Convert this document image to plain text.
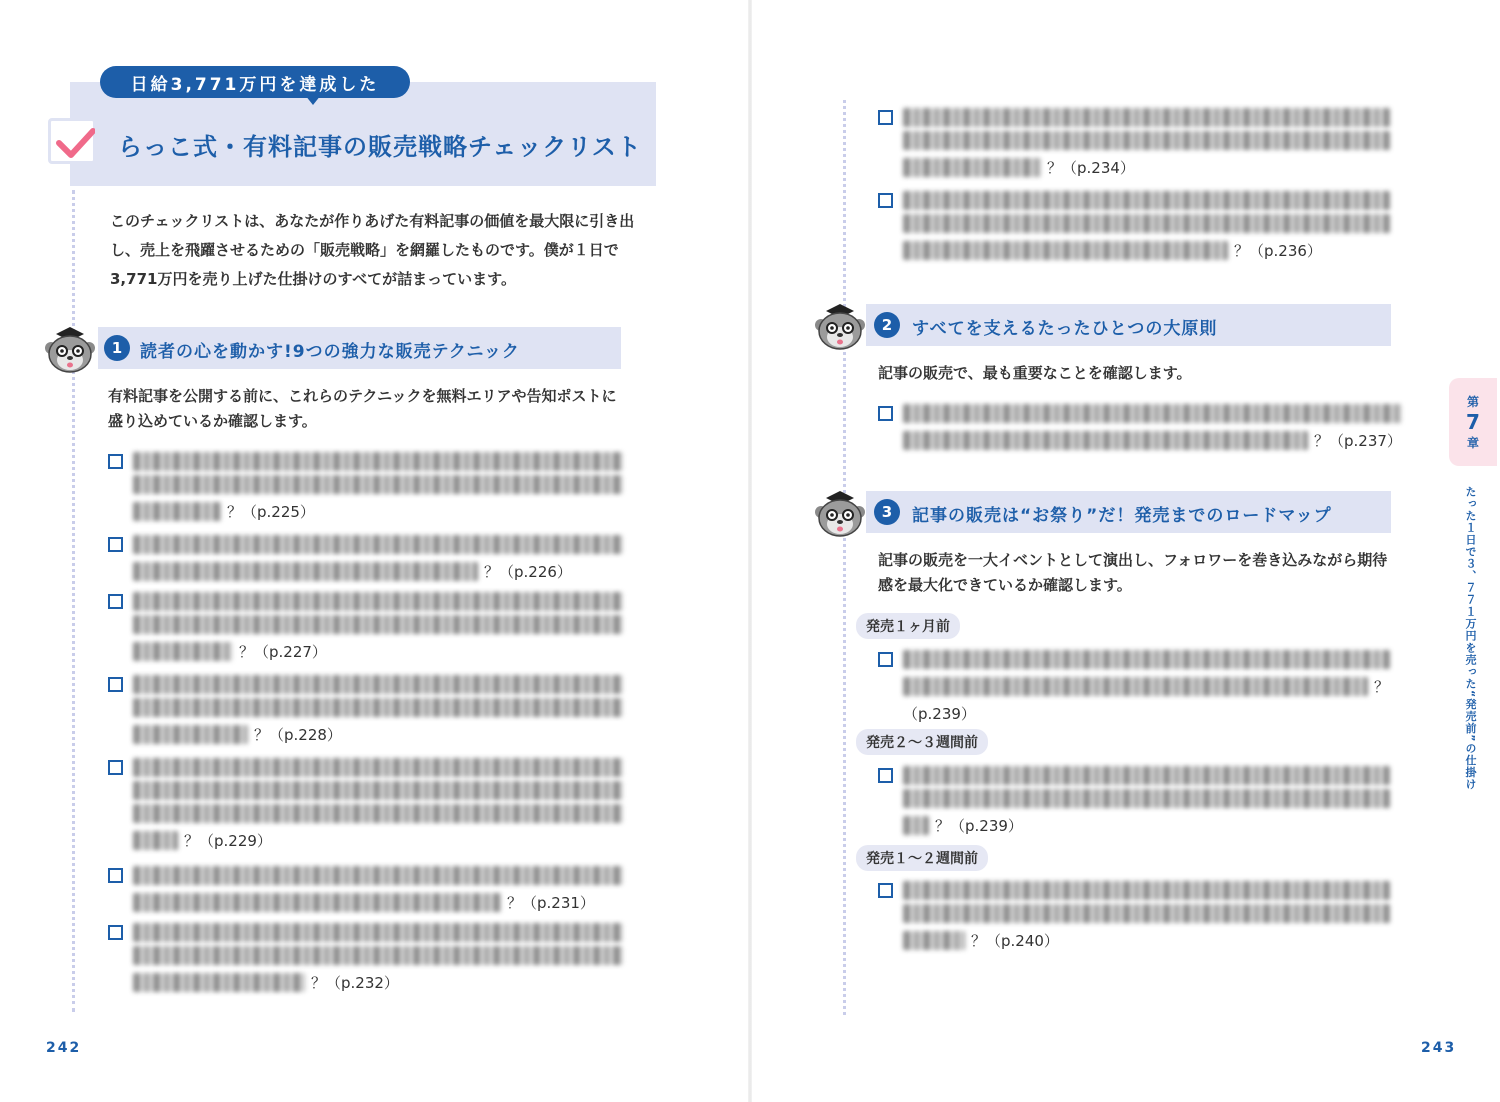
日給3,771万円を達成した
らっこ式・有料記事の販売戦略チェックリスト
このチェックリストは、あなたが作りあげた有料記事の価値を最大限に引き出し、売上を飛躍させるための「販売戦略」を網羅したものです。僕が１日で3,771万円を売り上げた仕掛けのすべてが詰まっています。
1	読者の心を動かす!9つの強力な販売テクニック
有料記事を公開する前に、これらのテクニックを無料エリアや告知ポストに盛り込めているか確認します。
？（p.225）
？（p.226）
？（p.227）
？（p.228）
？（p.229）
？（p.231）
？（p.232）
242
？（p.234）
？（p.236）
2	すべてを支えるたったひとつの大原則
記事の販売で、最も重要なことを確認します。
？（p.237）
3	記事の販売は“お祭り”だ！発売までのロードマップ
記事の販売を一大イベントとして演出し、フォロワーを巻き込みながら期待感を最大化できているか確認します。
発売１ヶ月前
？
（p.239）
発売２〜３週間前
？（p.239）
発売１〜２週間前
？（p.240）
第
7
章
たった１日で３、７７１万円を売った“発売前”の仕掛け
243
